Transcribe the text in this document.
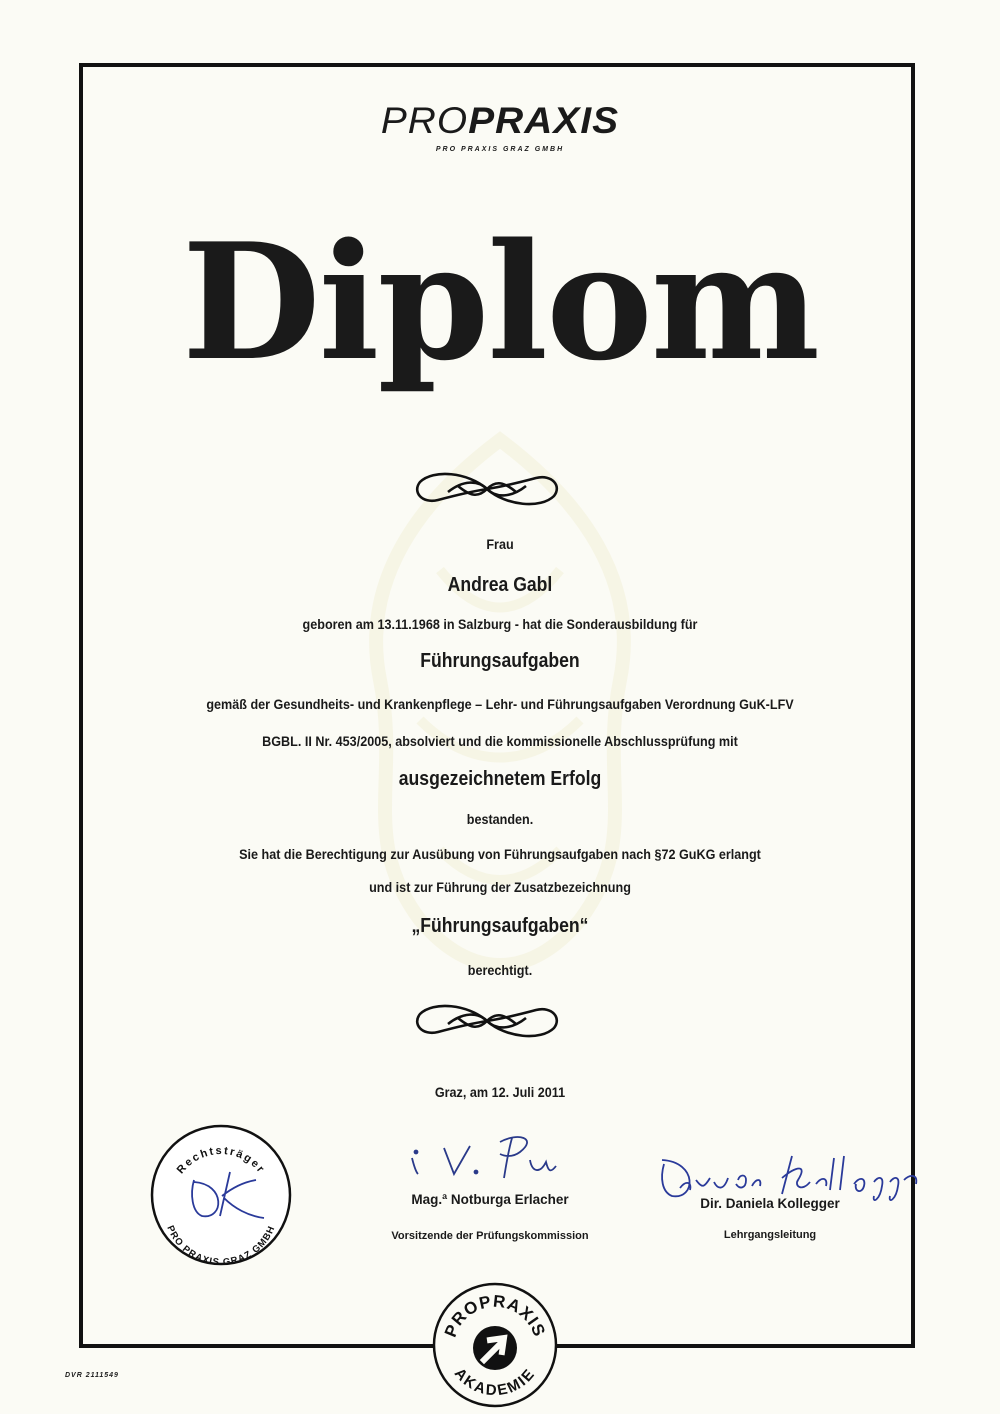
PROPRAXIS
PRO PRAXIS GRAZ GMBH
Diplom
Frau
Andrea Gabl
geboren am 13.11.1968 in Salzburg - hat die Sonderausbildung für
Führungsaufgaben
gemäß der Gesundheits- und Krankenpflege – Lehr- und Führungsaufgaben Verordnung GuK-LFV
BGBL. II Nr. 453/2005, absolviert und die kommissionelle Abschlussprüfung mit
ausgezeichnetem Erfolg
bestanden.
Sie hat die Berechtigung zur Ausübung von Führungsaufgaben nach §72 GuKG erlangt
und ist zur Führung der Zusatzbezeichnung
„Führungsaufgaben“
berechtigt.
Graz, am 12. Juli 2011
Mag.ª Notburga Erlacher
Vorsitzende der Prüfungskommission
Dir. Daniela Kollegger
Lehrgangsleitung
Rechtsträger
PRO PRAXIS GRAZ GMBH
PROPRAXIS
AKADEMIE
DVR 2111549
